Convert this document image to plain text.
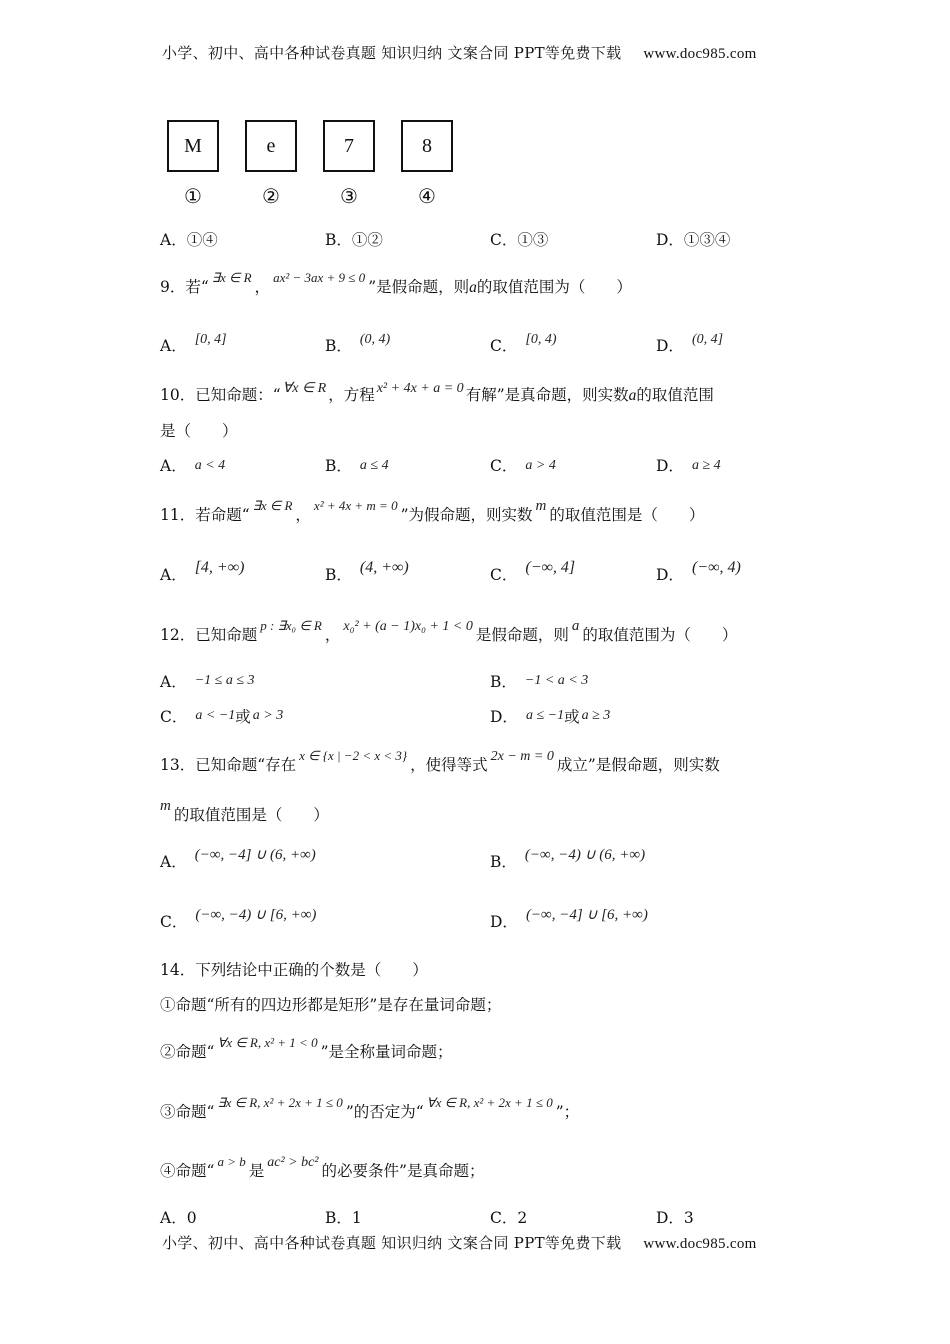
小学、初中、高中各种试卷真题 知识归纳 文案合同 PPT等免费下载 www.doc985.com
M	e	7	8
①	②	③	④
A．①④	B．①②	C．①③	D．①③④
9．若“$^{\exists x \in R}$，$^{ax^2 - 3ax + 9 \le 0}$”是假命题，则a的取值范围为（　　）
A． [0, 4]	B． (0, 4)	C． [0, 4)	D． (0, 4]
10．已知命题：“ ∀x ∈ R ，方程 x² + 4x + a = 0 有解”是真命题，则实数a的取值范围
是（　　）
A． a < 4	B． a ≤ 4	C． a > 4	D． a ≥ 4
11．若命题“$^{\exists x \in R}$，$^{x^2 + 4x + m = 0}$”为假命题，则实数 m 的取值范围是（　　）
A． [4, +∞)	B． (4, +∞)	C． (−∞, 4]	D． (−∞, 4)
12．已知命题$^{p : \exists x_0 \in R}$， x₀² + (a − 1)x₀ + 1 < 0 是假命题，则 a 的取值范围为（　　）
A． −1 ≤ a ≤ 3	B． −1 < a < 3
C． a < −1或 a > 3	D． a ≤ −1或 a ≥ 3
13．已知命题“存在$^{x \in \{x | -2 < x < 3\}}$，使得等式 2x − m = 0 成立”是假命题，则实数
m 的取值范围是（　　）
A． (−∞, −4] ∪ (6, +∞)	B． (−∞, −4) ∪ (6, +∞)
C． (−∞, −4) ∪ [6, +∞)	D． (−∞, −4] ∪ [6, +∞)
14．下列结论中正确的个数是（　　）
①命题“所有的四边形都是矩形”是存在量词命题；
②命题“$^{\forall x \in R, x^2 + 1 < 0}$”是全称量词命题；
③命题“$^{\exists x \in R, x^2 + 2x + 1 \le 0}$”的否定为“$^{\forall x \in R, x^2 + 2x + 1 \le 0}$”；
④命题“$^{a > b}$是 ac² > bc² 的必要条件”是真命题；
A．0	B．1	C．2	D．3
小学、初中、高中各种试卷真题 知识归纳 文案合同 PPT等免费下载 www.doc985.com
